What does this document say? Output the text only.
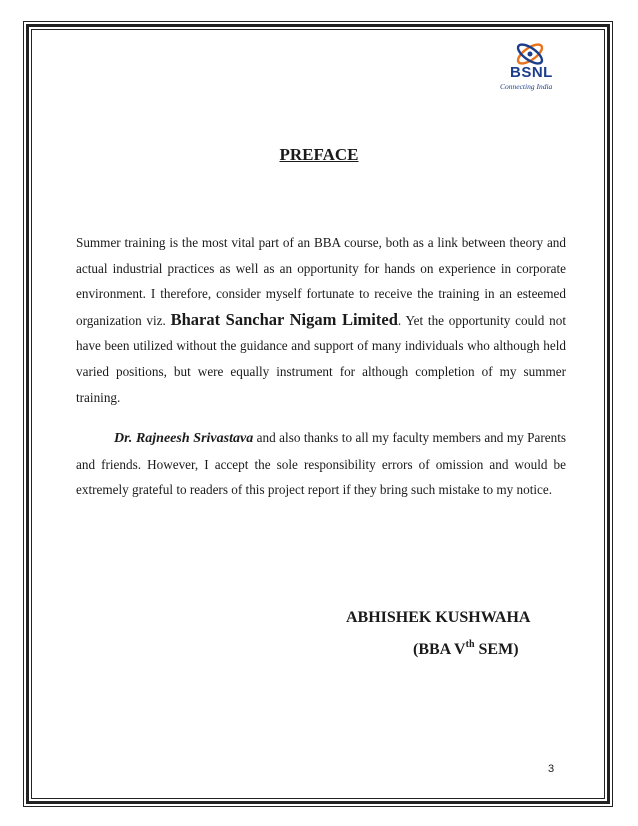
BSNL
Connecting India
PREFACE

Summer training is the most vital part of an BBA course, both as a link between theory and actual industrial practices as well as an opportunity for hands on experience in corporate environment. I therefore, consider myself fortunate to receive the training in an esteemed organization viz. Bharat Sanchar Nigam Limited. Yet the opportunity could not have been utilized without the guidance and support of many individuals who although held varied positions, but were equally instrument for although completion of my summer training.

Dr. Rajneesh Srivastava and also thanks to all my faculty members and my Parents and friends. However, I accept the sole responsibility errors of omission and would be extremely grateful to readers of this project report if they bring such mistake to my notice.

ABHISHEK KUSHWAHA
(BBA Vth SEM)
3
